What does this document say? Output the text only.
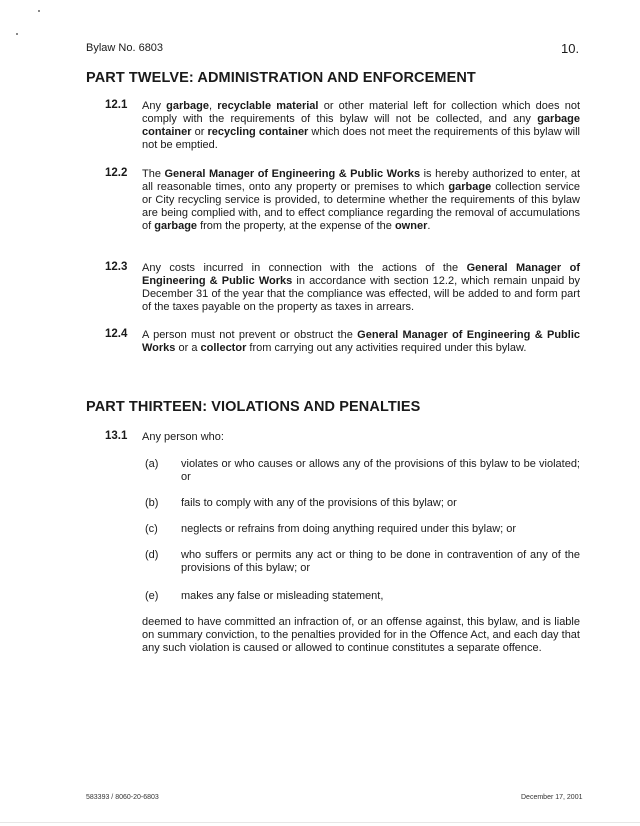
Bylaw No. 6803	10.
PART TWELVE: ADMINISTRATION AND ENFORCEMENT
12.1 Any garbage, recyclable material or other material left for collection which does not comply with the requirements of this bylaw will not be collected, and any garbage container or recycling container which does not meet the requirements of this bylaw will not be emptied.

12.2 The General Manager of Engineering & Public Works is hereby authorized to enter, at all reasonable times, onto any property or premises to which garbage collection service or City recycling service is provided, to determine whether the requirements of this bylaw are being complied with, and to effect compliance regarding the removal of accumulations of garbage from the property, at the expense of the owner.

12.3 Any costs incurred in connection with the actions of the General Manager of Engineering & Public Works in accordance with section 12.2, which remain unpaid by December 31 of the year that the compliance was effected, will be added to and form part of the taxes payable on the property as taxes in arrears.

12.4 A person must not prevent or obstruct the General Manager of Engineering & Public Works or a collector from carrying out any activities required under this bylaw.

PART THIRTEEN: VIOLATIONS AND PENALTIES
13.1 Any person who:

(a) violates or who causes or allows any of the provisions of this bylaw to be violated; or

(b) fails to comply with any of the provisions of this bylaw; or

(c) neglects or refrains from doing anything required under this bylaw; or

(d) who suffers or permits any act or thing to be done in contravention of any of the provisions of this bylaw; or

(e) makes any false or misleading statement,

deemed to have committed an infraction of, or an offense against, this bylaw, and is liable on summary conviction, to the penalties provided for in the Offence Act, and each day that any such violation is caused or allowed to continue constitutes a separate offence.

583393 / 8060-20-6803	December 17, 2001
